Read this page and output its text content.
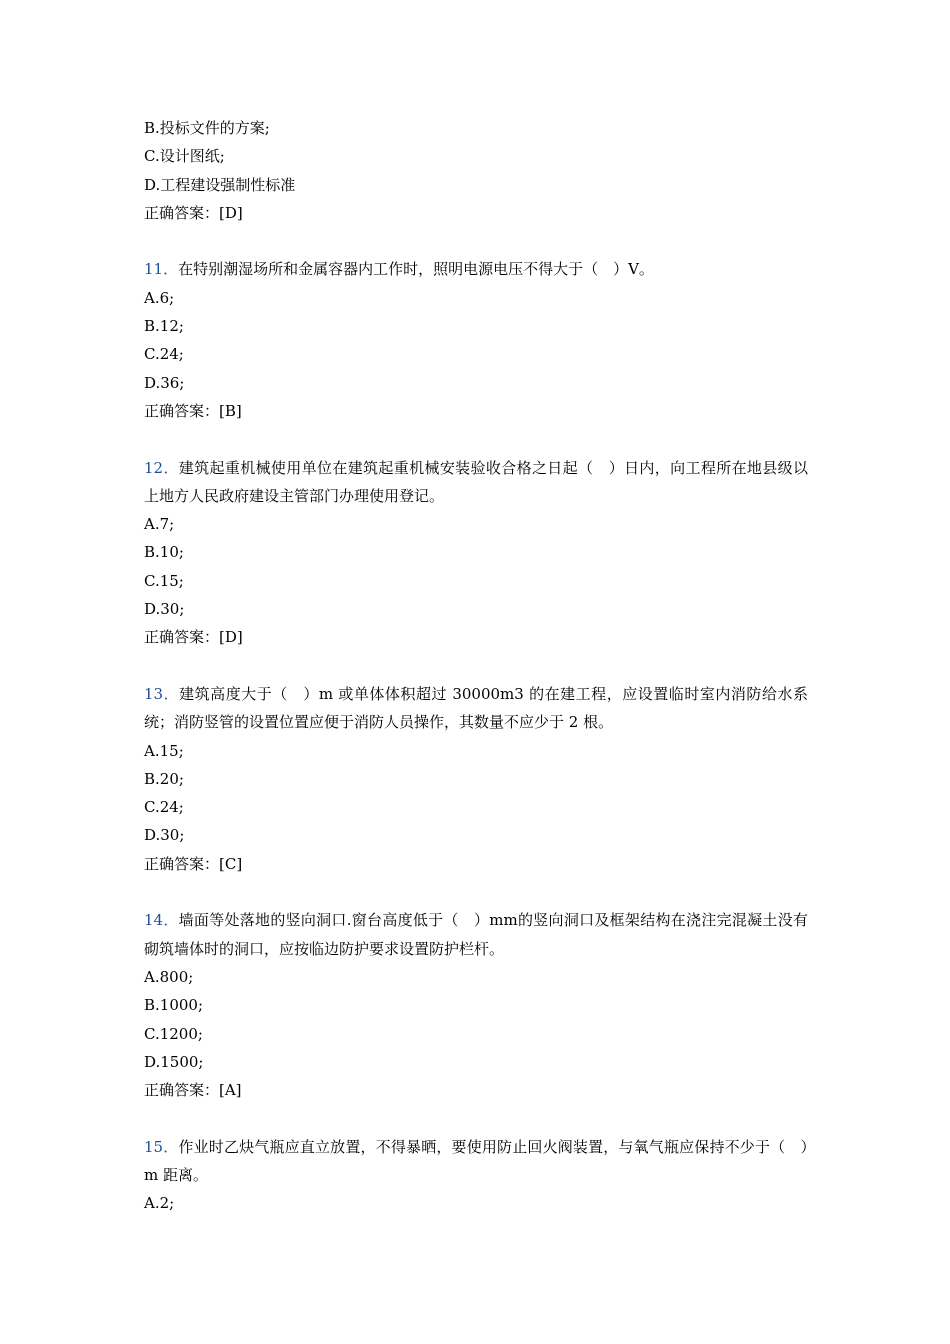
B.投标文件的方案;
C.设计图纸;
D.工程建设强制性标准
正确答案：[D]
11．在特别潮湿场所和金属容器内工作时，照明电源电压不得大于（　）V。
A.6;
B.12;
C.24;
D.36;
正确答案：[B]
12．建筑起重机械使用单位在建筑起重机械安装验收合格之日起（　）日内，向工程所在地县级以上地方人民政府建设主管部门办理使用登记。
A.7;
B.10;
C.15;
D.30;
正确答案：[D]
13．建筑高度大于（　）m 或单体体积超过 30000m3 的在建工程，应设置临时室内消防给水系统；消防竖管的设置位置应便于消防人员操作，其数量不应少于 2 根。
A.15;
B.20;
C.24;
D.30;
正确答案：[C]
14．墙面等处落地的竖向洞口.窗台高度低于（　）mm的竖向洞口及框架结构在浇注完混凝土没有砌筑墙体时的洞口，应按临边防护要求设置防护栏杆。
A.800;
B.1000;
C.1200;
D.1500;
正确答案：[A]
15．作业时乙炔气瓶应直立放置，不得暴晒，要使用防止回火阀装置，与氧气瓶应保持不少于（　）m 距离。
A.2;
